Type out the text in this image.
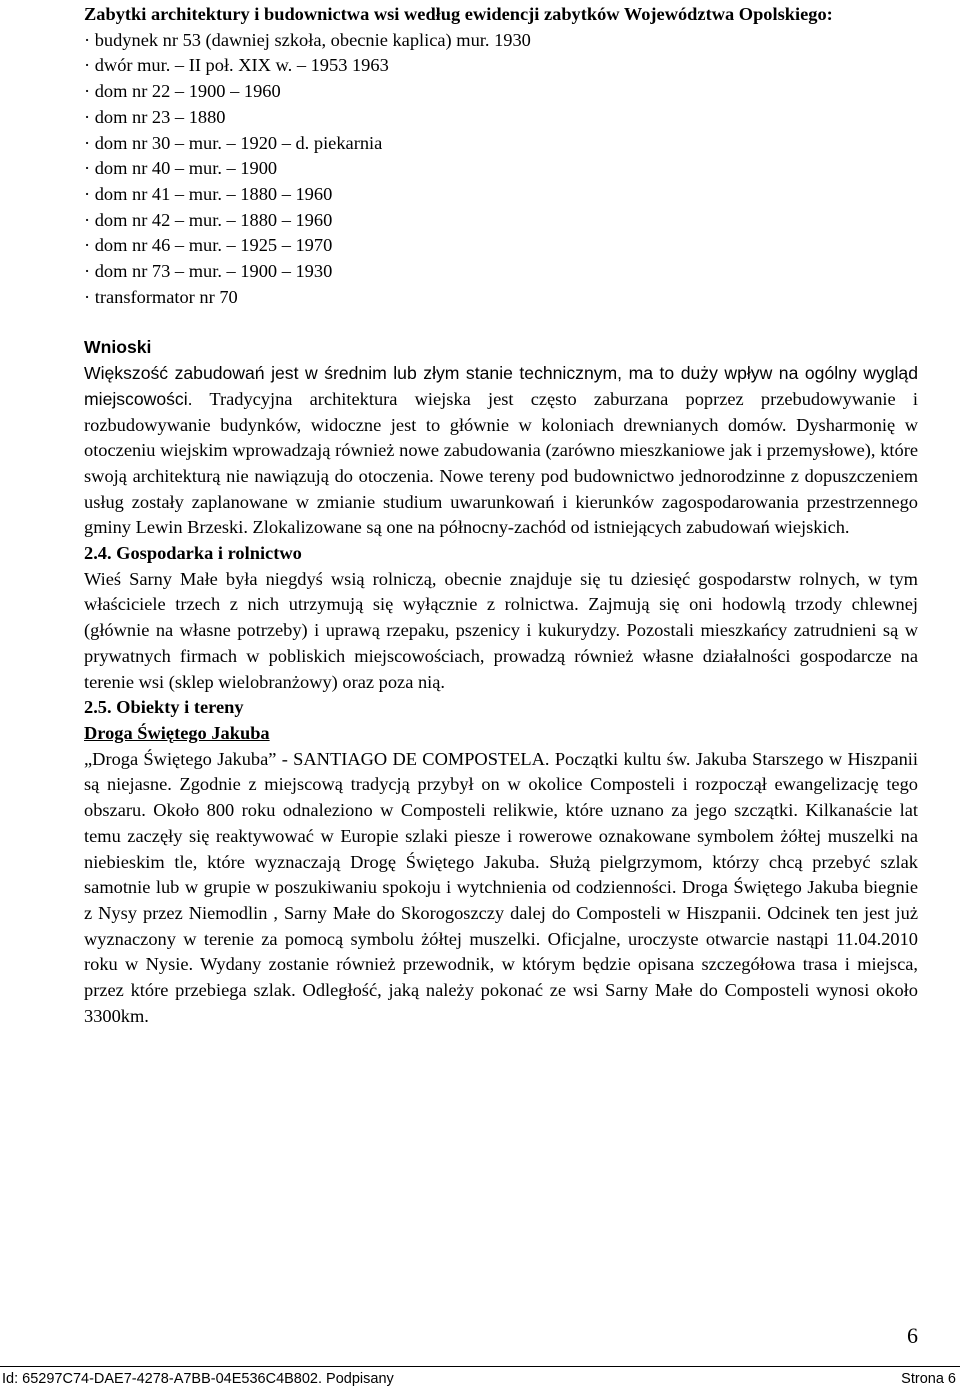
Zabytki architektury i budownictwa wsi według ewidencji zabytków Województwa Opolskiego:
· budynek nr 53 (dawniej szkoła, obecnie kaplica) mur. 1930
· dwór mur. – II poł. XIX w. – 1953 1963
· dom nr 22 – 1900 – 1960
· dom nr 23 – 1880
· dom nr 30 – mur. – 1920 – d. piekarnia
· dom nr 40 – mur. – 1900
· dom nr 41 – mur. – 1880 – 1960
· dom nr 42 – mur. – 1880 – 1960
· dom nr 46 – mur. – 1925 – 1970
· dom nr 73 – mur. – 1900 – 1930
· transformator nr 70
Wnioski

Większość zabudowań jest w średnim lub złym stanie technicznym, ma to duży wpływ na ogólny wygląd miejscowości. Tradycyjna architektura wiejska jest często zaburzana poprzez przebudowywanie i rozbudowywanie budynków, widoczne jest to głównie w koloniach drewnianych domów. Dysharmonię w otoczeniu wiejskim wprowadzają również nowe zabudowania (zarówno mieszkaniowe jak i przemysłowe), które swoją architekturą nie nawiązują do otoczenia. Nowe tereny pod budownictwo jednorodzinne z dopuszczeniem usług zostały zaplanowane w zmianie studium uwarunkowań i kierunków zagospodarowania przestrzennego gminy Lewin Brzeski. Zlokalizowane są one na północny-zachód od istniejących zabudowań wiejskich.

2.4. Gospodarka i rolnictwo

Wieś Sarny Małe była niegdyś wsią rolniczą, obecnie znajduje się tu dziesięć gospodarstw rolnych, w tym właściciele trzech z nich utrzymują się wyłącznie z rolnictwa. Zajmują się oni hodowlą trzody chlewnej (głównie na własne potrzeby) i uprawą rzepaku, pszenicy i kukurydzy. Pozostali mieszkańcy zatrudnieni są w prywatnych firmach w pobliskich miejscowościach, prowadzą również własne działalności gospodarcze na terenie wsi (sklep wielobranżowy) oraz poza nią.

2.5. Obiekty i tereny
Droga Świętego Jakuba

„Droga Świętego Jakuba” - SANTIAGO DE COMPOSTELA. Początki kultu św. Jakuba Starszego w Hiszpanii są niejasne. Zgodnie z miejscową tradycją przybył on w okolice Composteli i rozpoczął ewangelizację tego obszaru. Około 800 roku odnaleziono w Composteli relikwie, które uznano za jego szczątki. Kilkanaście lat temu zaczęły się reaktywować w Europie szlaki piesze i rowerowe oznakowane symbolem żółtej muszelki na niebieskim tle, które wyznaczają Drogę Świętego Jakuba. Służą pielgrzymom, którzy chcą przebyć szlak samotnie lub w grupie w poszukiwaniu spokoju i wytchnienia od codzienności. Droga Świętego Jakuba biegnie z Nysy przez Niemodlin , Sarny Małe do Skorogoszczy dalej do Composteli w Hiszpanii. Odcinek ten jest już wyznaczony w terenie za pomocą symbolu żółtej muszelki. Oficjalne, uroczyste otwarcie nastąpi 11.04.2010 roku w Nysie. Wydany zostanie również przewodnik, w którym będzie opisana szczegółowa trasa i miejsca, przez które przebiega szlak. Odległość, jaką należy pokonać ze wsi Sarny Małe do Composteli wynosi około 3300km.

6
Id: 65297C74-DAE7-4278-A7BB-04E536C4B802. Podpisany	Strona 6
